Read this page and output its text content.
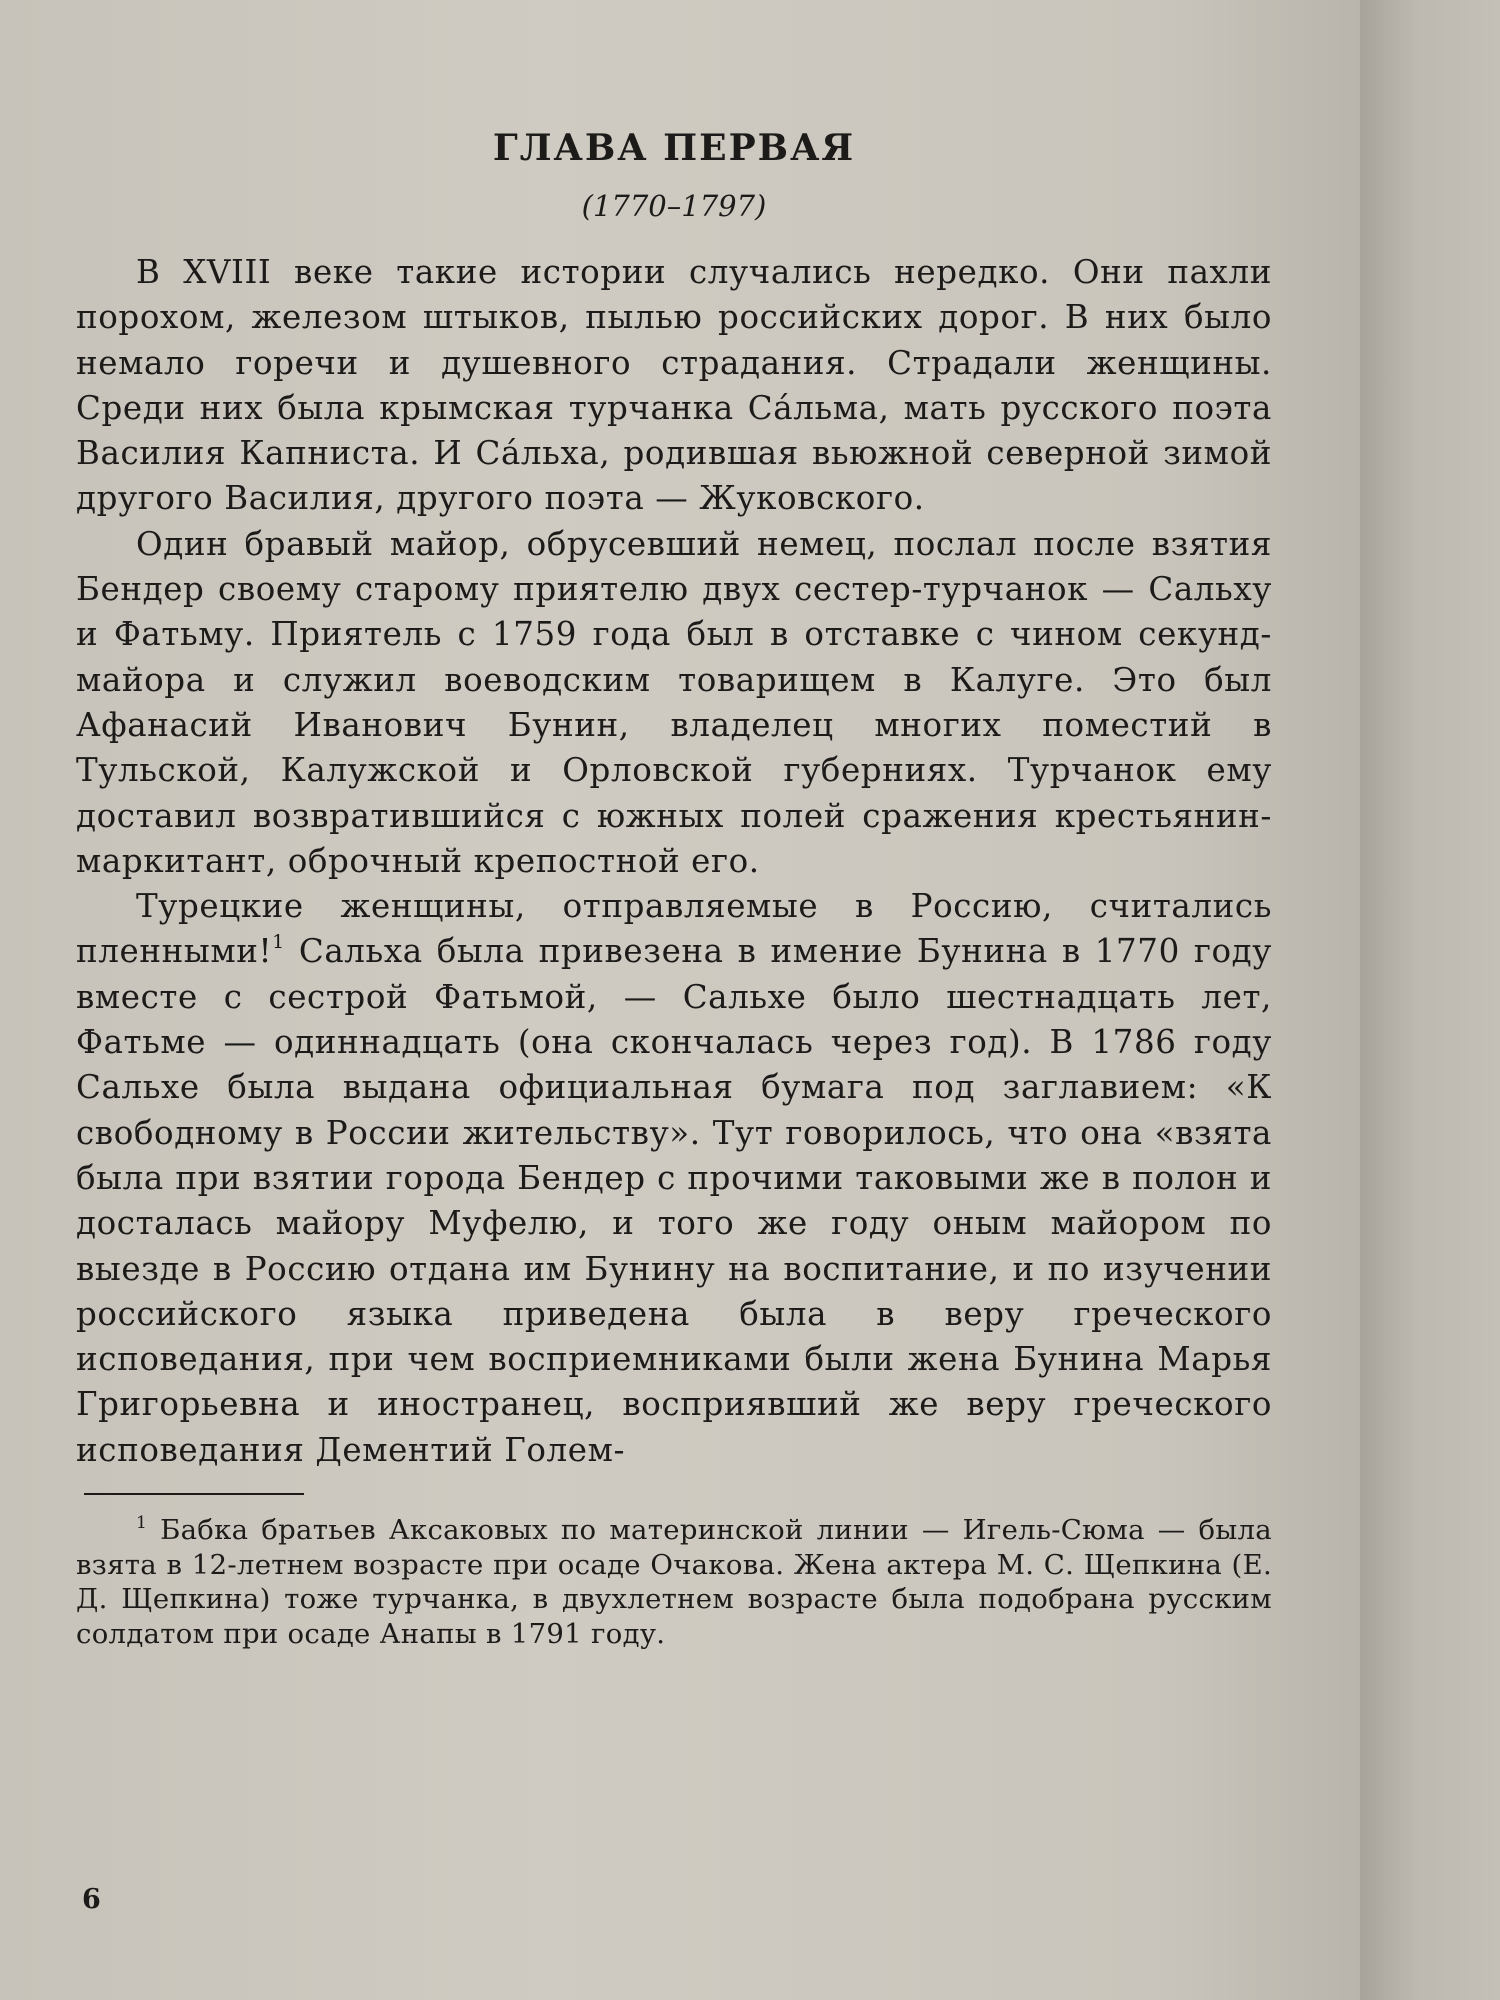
ГЛАВА ПЕРВАЯ
(1770–1797)

В XVIII веке такие истории случались нередко. Они пахли порохом, железом штыков, пылью российских дорог. В них было немало горечи и душевного страдания. Страдали женщины. Среди них была крымская турчанка Са́льма, мать русского поэта Василия Капниста. И Са́льха, родившая вьюжной северной зимой другого Василия, другого поэта — Жуковского.

Один бравый майор, обрусевший немец, послал после взятия Бендер своему старому приятелю двух сестер-турчанок — Сальху и Фатьму. Приятель с 1759 года был в отставке с чином секунд-майора и служил воеводским товарищем в Калуге. Это был Афанасий Иванович Бунин, владелец многих поместий в Тульской, Калужской и Орловской губерниях. Турчанок ему доставил возвратившийся с южных полей сражения крестьянин-маркитант, оброчный крепостной его.

Турецкие женщины, отправляемые в Россию, считались пленными!$^1$ Сальха была привезена в имение Бунина в 1770 году вместе с сестрой Фатьмой, — Сальхе было шестнадцать лет, Фатьме — одиннадцать (она скончалась через год). В 1786 году Сальхе была выдана официальная бумага под заглавием: «К свободному в России жительству». Тут говорилось, что она «взята была при взятии города Бендер с прочими таковыми же в полон и досталась майору Муфелю, и того же году оным майором по выезде в Россию отдана им Бунину на воспитание, и по изучении российского языка приведена была в веру греческого исповедания, при чем восприемниками были жена Бунина Марья Григорьевна и иностранец, восприявший же веру греческого исповедания Дементий Голем-

$^1$ Бабка братьев Аксаковых по материнской линии — Игель-Сюма — была взята в 12-летнем возрасте при осаде Очакова. Жена актера М. С. Щепкина (Е. Д. Щепкина) тоже турчанка, в двухлетнем возрасте была подобрана русским солдатом при осаде Анапы в 1791 году.

6
